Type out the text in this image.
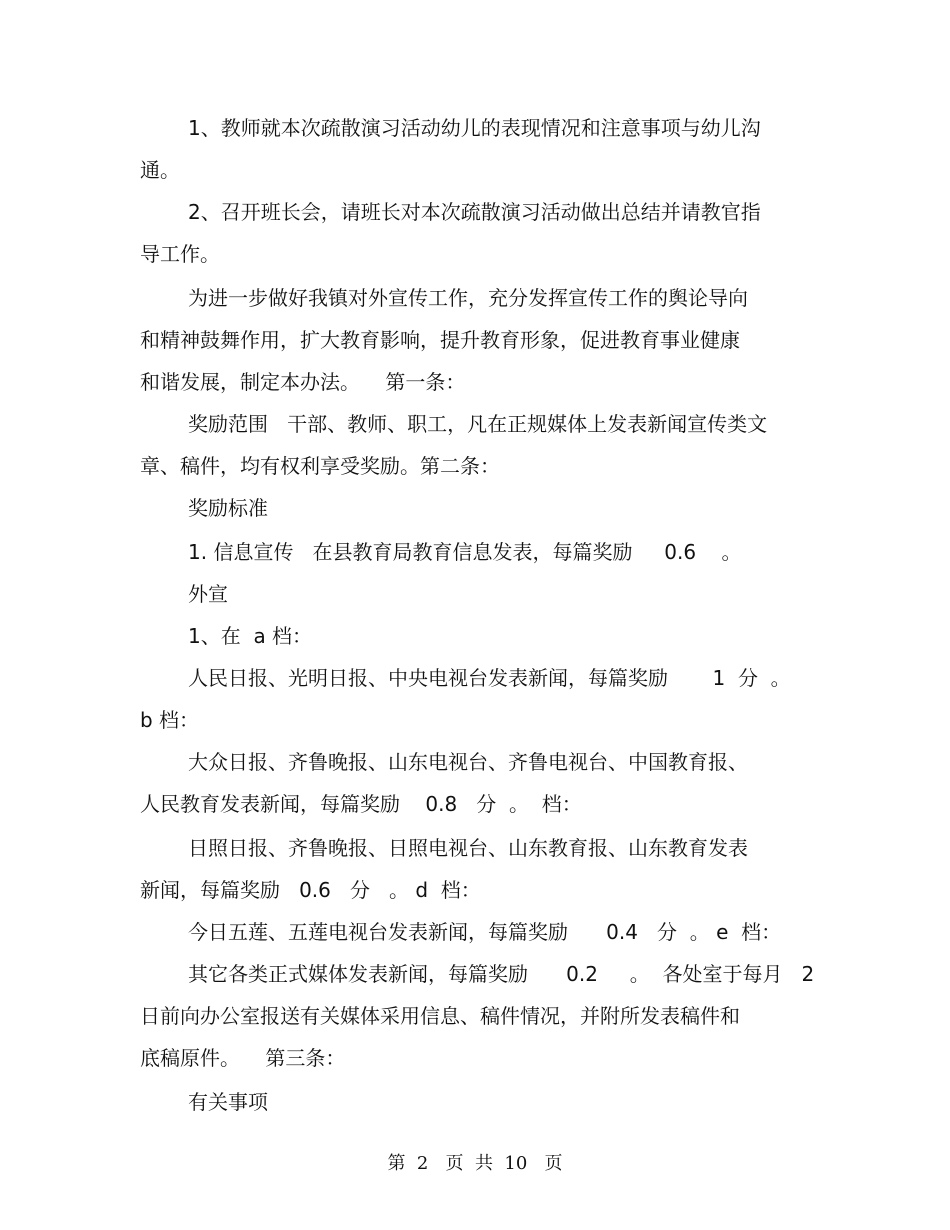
1、教师就本次疏散演习活动幼儿的表现情况和注意事项与幼儿沟
通。
2、召开班长会，请班长对本次疏散演习活动做出总结并请教官指
导工作。
为进一步做好我镇对外宣传工作，充分发挥宣传工作的舆论导向
和精神鼓舞作用，扩大教育影响，提升教育形象，促进教育事业健康
和谐发展，制定本办法。    第一条：
奖励范围   干部、教师、职工，凡在正规媒体上发表新闻宣传类文
章、稿件，均有权利享受奖励。第二条：
奖励标准
1. 信息宣传   在县教育局教育信息发表，每篇奖励     0.6    。
外宣
1、在  a 档：
人民日报、光明日报、中央电视台发表新闻，每篇奖励       1  分  。
b 档：
大众日报、齐鲁晚报、山东电视台、齐鲁电视台、中国教育报、
人民教育发表新闻，每篇奖励    0.8   分  。  档：
日照日报、齐鲁晚报、日照电视台、山东教育报、山东教育发表
新闻，每篇奖励   0.6   分   。 d  档：
今日五莲、五莲电视台发表新闻，每篇奖励      0.4   分  。 e  档：
其它各类正式媒体发表新闻，每篇奖励      0.2     。  各处室于每月   2
日前向办公室报送有关媒体采用信息、稿件情况，并附所发表稿件和
底稿原件。    第三条：
有关事项
第  2   页  共  10   页
